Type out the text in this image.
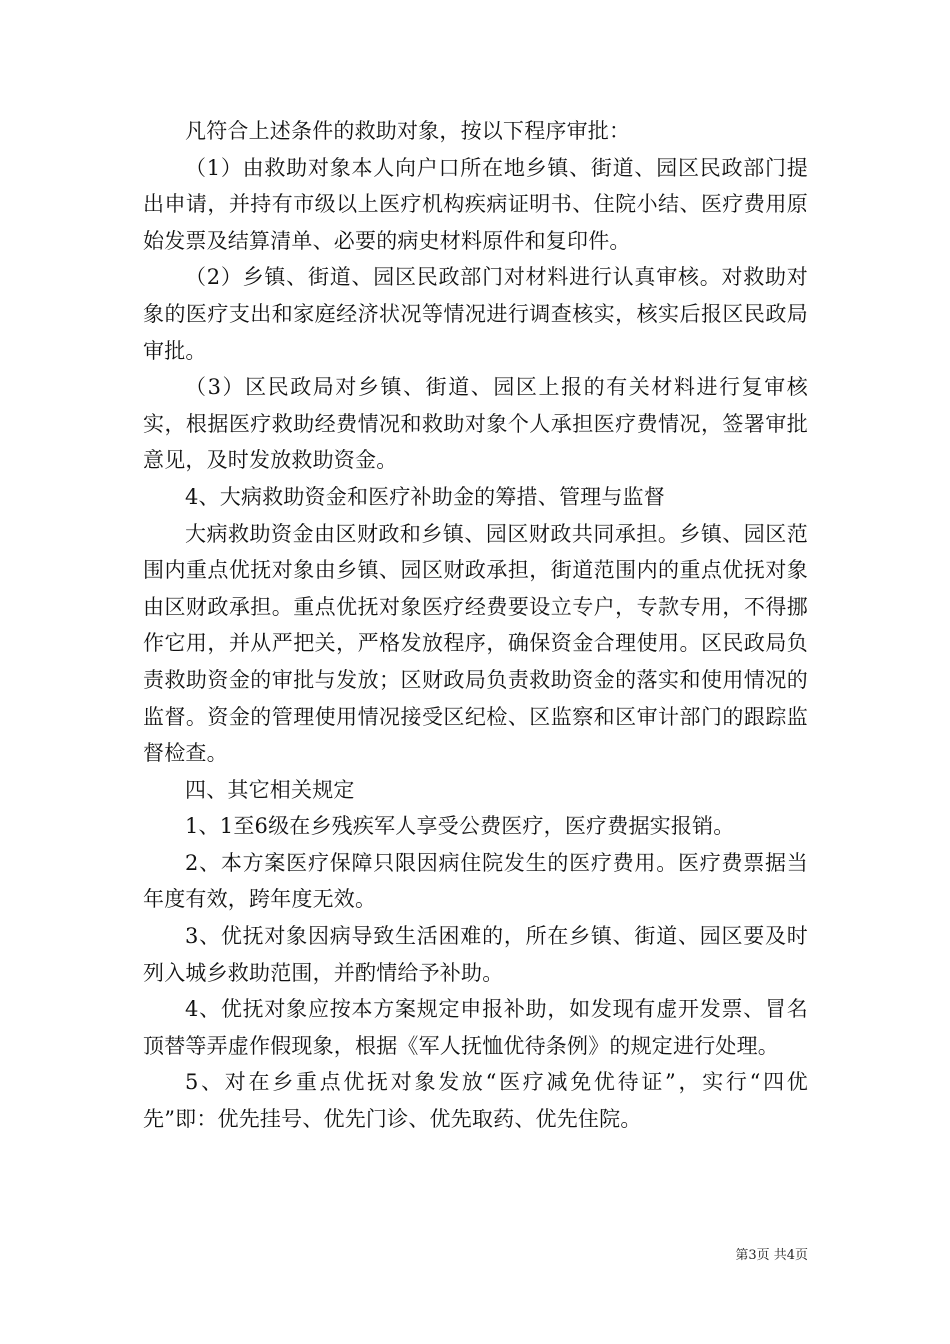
凡符合上述条件的救助对象，按以下程序审批：

（1）由救助对象本人向户口所在地乡镇、街道、园区民政部门提出申请，并持有市级以上医疗机构疾病证明书、住院小结、医疗费用原始发票及结算清单、必要的病史材料原件和复印件。

（2）乡镇、街道、园区民政部门对材料进行认真审核。对救助对象的医疗支出和家庭经济状况等情况进行调查核实，核实后报区民政局审批。

（3）区民政局对乡镇、街道、园区上报的有关材料进行复审核实，根据医疗救助经费情况和救助对象个人承担医疗费情况，签署审批意见，及时发放救助资金。

4、大病救助资金和医疗补助金的筹措、管理与监督

大病救助资金由区财政和乡镇、园区财政共同承担。乡镇、园区范围内重点优抚对象由乡镇、园区财政承担，街道范围内的重点优抚对象由区财政承担。重点优抚对象医疗经费要设立专户，专款专用，不得挪作它用，并从严把关，严格发放程序，确保资金合理使用。区民政局负责救助资金的审批与发放；区财政局负责救助资金的落实和使用情况的监督。资金的管理使用情况接受区纪检、区监察和区审计部门的跟踪监督检查。

四、其它相关规定

1、1至6级在乡残疾军人享受公费医疗，医疗费据实报销。

2、本方案医疗保障只限因病住院发生的医疗费用。医疗费票据当年度有效，跨年度无效。

3、优抚对象因病导致生活困难的，所在乡镇、街道、园区要及时列入城乡救助范围，并酌情给予补助。

4、优抚对象应按本方案规定申报补助，如发现有虚开发票、冒名顶替等弄虚作假现象，根据《军人抚恤优待条例》的规定进行处理。

5、对在乡重点优抚对象发放“医疗减免优待证”，实行“四优先”即：优先挂号、优先门诊、优先取药、优先住院。

第3页 共4页
